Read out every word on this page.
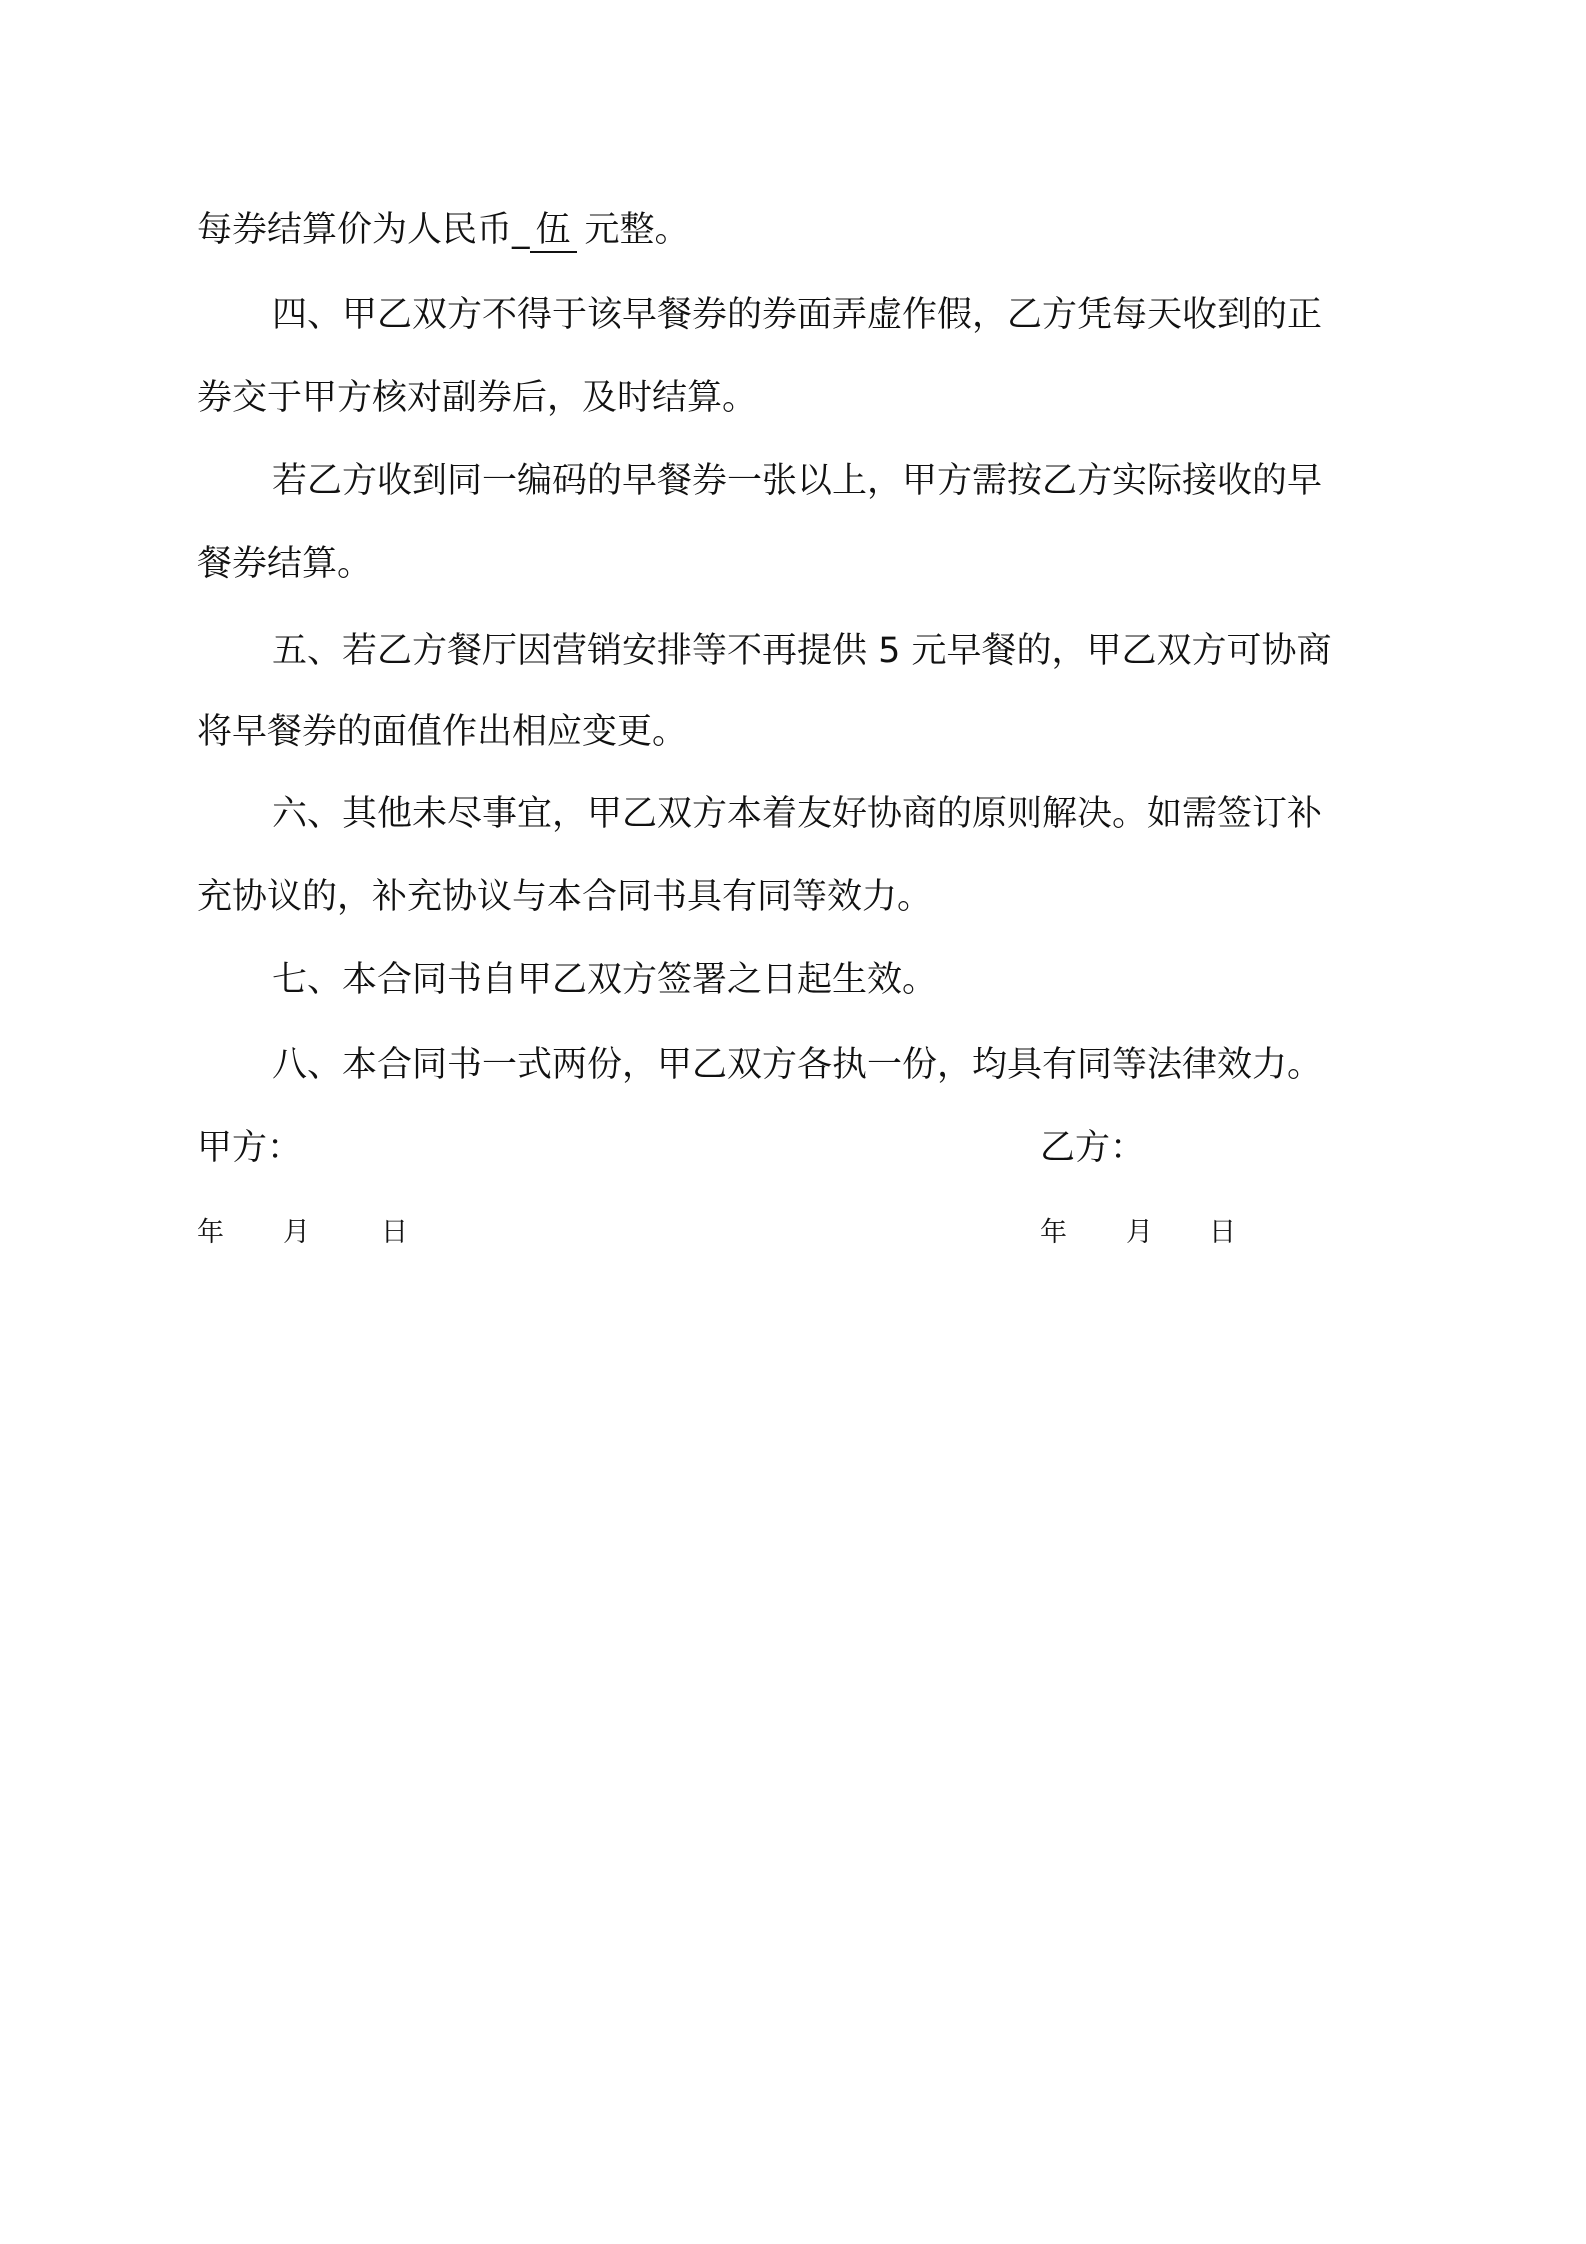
每券结算价为人民币_ 伍 元整。
四、甲乙双方不得于该早餐券的券面弄虚作假，乙方凭每天收到的正
券交于甲方核对副券后，及时结算。
若乙方收到同一编码的早餐券一张以上，甲方需按乙方实际接收的早
餐券结算。
五、若乙方餐厅因营销安排等不再提供 5 元早餐的，甲乙双方可协商
将早餐券的面值作出相应变更。
六、其他未尽事宜，甲乙双方本着友好协商的原则解决。如需签订补
充协议的，补充协议与本合同书具有同等效力。
七、本合同书自甲乙双方签署之日起生效。
八、本合同书一式两份，甲乙双方各执一份，均具有同等法律效力。
甲方：	乙方：
年 月	日	年 月 日
